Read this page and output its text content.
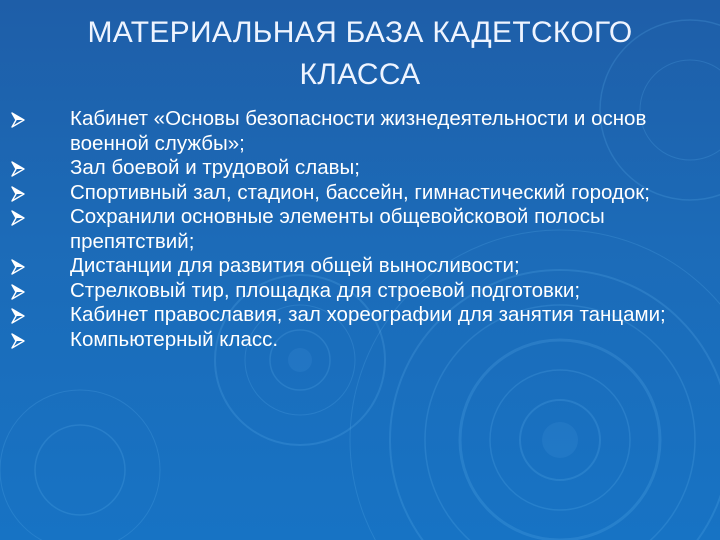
МАТЕРИАЛЬНАЯ БАЗА КАДЕТСКОГО КЛАССА
Кабинет «Основы безопасности жизнедеятельности и основ военной службы»;
Зал боевой и трудовой славы;
Спортивный зал, стадион, бассейн, гимнастический городок;
Сохранили основные элементы общевойсковой полосы препятствий;
Дистанции для развития общей выносливости;
Стрелковый тир, площадка для строевой подготовки;
Кабинет православия, зал хореографии для занятия танцами;
Компьютерный класс.
